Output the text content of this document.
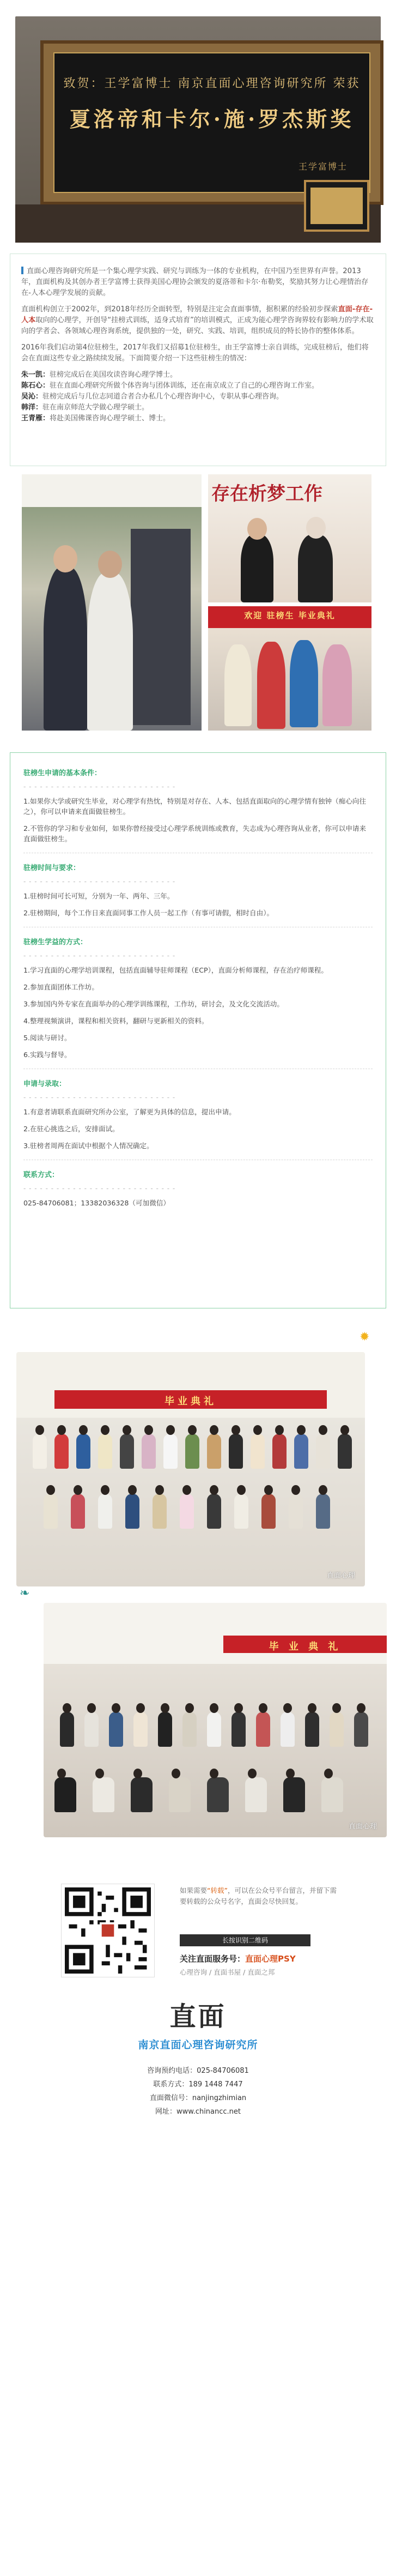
致贺：王学富博士 南京直面心理咨询研究所 荣获
夏洛帝和卡尔·施·罗杰斯奖
王学富博士

直面心理咨询研究所是一个集心理学实践、研究与训练为一体的专业机构，在中国乃至世界有声誉。2013年，直面机构及其创办者王学富博士获得美国心理协会颁发的夏洛蒂和卡尔·布勒奖，奖励其努力让心理情治存在-人本心理学发展的贡献。

直面机构创立于2002年，到2018年经历全面转型，特别是注定会直面事情，据积累的经验初步探索直面-存在-人本取向的心理学，开创导“挂榜式训练，适身式培育”的培训模式，正成为能心理学咨询界较有影响力的学术取向的学者会、各领域心理咨询系统，提供独的一处，研究、实践、培训，组织成员的特长协作的整体体系。

2016年我们启动第4位驻榜生，2017年我们又招募1位驻榜生，由王学富博士亲自训练，完成驻榜后，他们将会在直面这些专业之路续续发展。下面简要介绍一下这些驻榜生的情况：

朱一凯：驻榜完成后在美国攻读咨询心理学博士。
陈石心：驻在直面心理研究所做个体咨询与团体训练，还在南京成立了自己的心理咨询工作室。
吴沁：驻榜完成后与几位志同道合者合办私几个心理咨询中心，专职从事心理咨询。
韩洋：驻在南京师范大学做心理学硕士。
王青雁：将赴美国佛课咨询心理学硕士、博士。
存在析梦工作
欢迎 驻榜生 毕业典礼
驻榜生申请的基本条件：
- - - - - - - - - - - - - - - - - - - - - - - - - - - -

1.如果你大学或研究生毕业，对心理学有热忱，特别是对存在、人本、包括直面取向的心理学情有独钟（痴心向往之），你可以申请来直面做驻榜生。

2.不管你的学习和专业如何，如果你曾经接受过心理学系统训练或教育，失志成为心理咨询从业者，你可以申请来直面做驻榜生。

驻榜时间与要求：
- - - - - - - - - - - - - - - - - - - - - - - - - - - -

1.驻榜时间可长可短，分别为一年、两年、三年。

2.驻榜期间，每个工作日来直面同事工作人员一起工作（有事可请假，相时自由）。

驻榜生学益的方式：
- - - - - - - - - - - - - - - - - - - - - - - - - - - -

1.学习直面的心理学培训课程，包括直面辅导驻师课程（ECP），直面分析师课程，存在治疗师课程。

2.参加直面团体工作坊。

3.参加国内外专家在直面举办的心理学训练课程，工作坊，研讨会，及文化交流活动。

4.整理视频演讲，课程和相关资料，翻研与更新相关的资料。

5.阅读与研讨。

6.实践与督导。

申请与录取：
- - - - - - - - - - - - - - - - - - - - - - - - - - - -

1.有意者请联系直面研究所办公室，了解更为具体的信息，提出申请。

2.在驻心挑选之后，安排面试。

3.驻榜者周两在面试中根据个人情况确定。

联系方式：
- - - - - - - - - - - - - - - - - - - - - - - - - - - -

025-84706081；13382036328（可加微信）

✹
❧
毕业典礼
直面心理
毕 业 典 礼
直面心理
如果需要“转载”，可以在公众号平台留言，并留下需要转载的公众号名字，直面会尽快回复。
长按识别二维码
关注直面服务号：直面心理PSY
心理咨询 / 直面书屋 / 直面之邦
直面
南京直面心理咨询研究所
咨询预约电话：025-84706081
联系方式：189 1448 7447
直面微信号：nanjingzhimian
网址：www.chinancc.net
